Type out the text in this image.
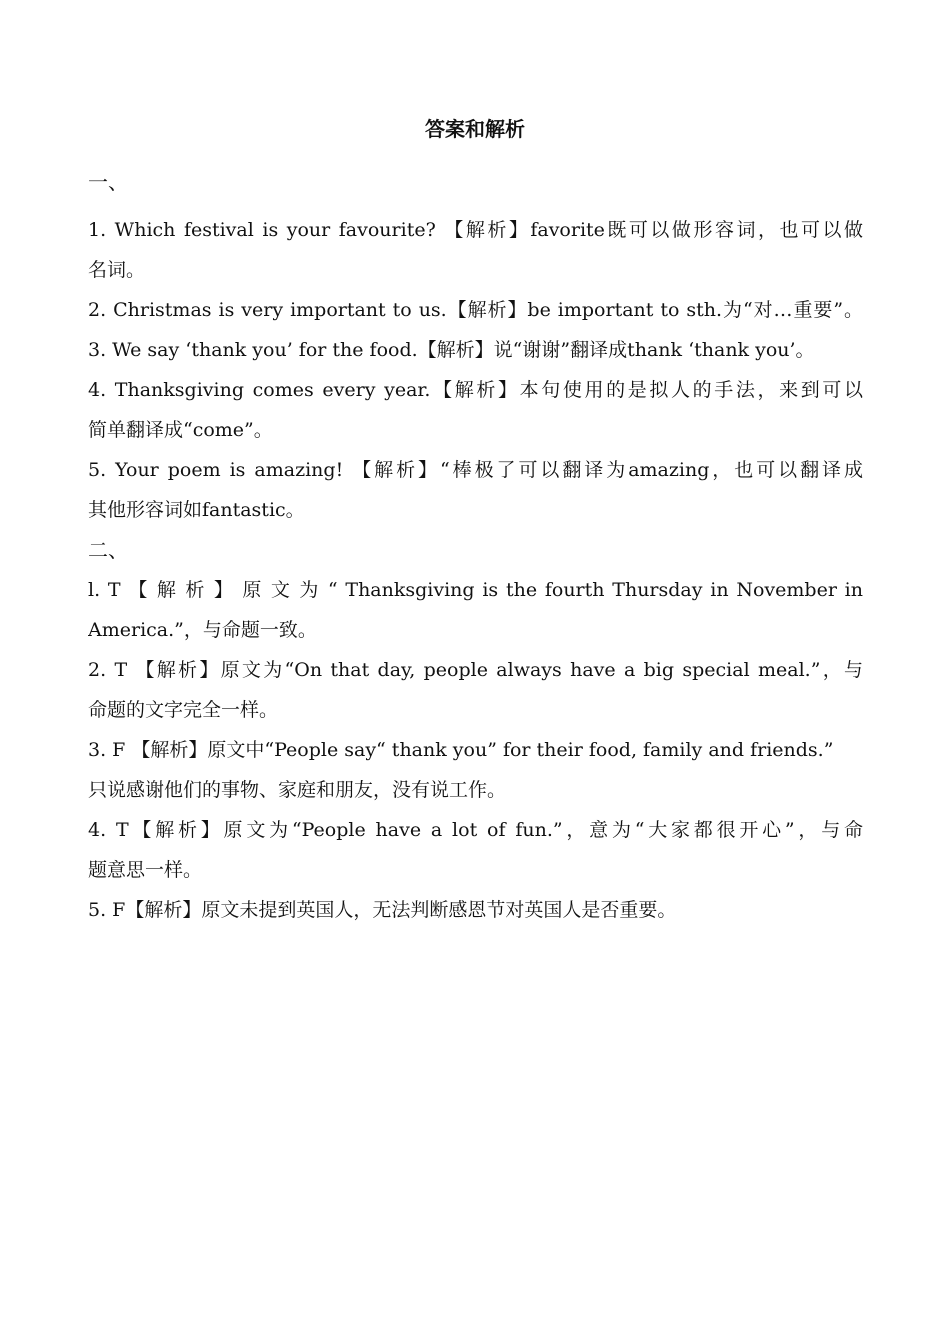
答案和解析
一、
1. Which festival is your favourite? 【解析】favorite既可以做形容词，也可以做
名词。
2. Christmas is very important to us.【解析】be important to sth.为“对…重要”。
3. We say ‘thank you’ for the food.【解析】说“谢谢”翻译成thank ‘thank you’。
4. Thanksgiving comes every year.【解析】本句使用的是拟人的手法，来到可以
简单翻译成“come”。
5. Your poem is amazing! 【解析】“棒极了可以翻译为amazing，也可以翻译成
其他形容词如fantastic。
二、
l. T 【 解 析 】 原 文 为 “ Thanksgiving is the fourth Thursday in November in
America.”，与命题一致。
2. T 【解析】原文为“On that day, people always have a big special meal.”，与
命题的文字完全一样。
3. F 【解析】原文中“People say“ thank you” for their food, family and friends.”
只说感谢他们的事物、家庭和朋友，没有说工作。
4. T【解析】原文为“People have a lot of fun.”，意为“大家都很开心”，与命
题意思一样。
5. F【解析】原文未提到英国人，无法判断感恩节对英国人是否重要。
